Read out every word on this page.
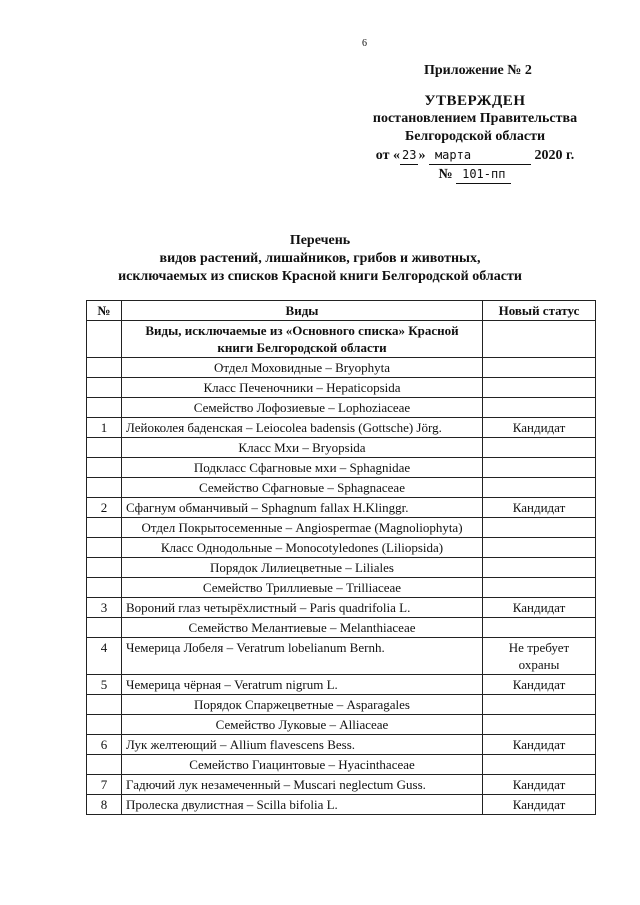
6
Приложение № 2
УТВЕРЖДЕН
постановлением Правительства
Белгородской области
от « 23 » марта	2020 г.
№ 101-пп
Перечень
видов растений, лишайников, грибов и животных,
исключаемых из списков Красной книги Белгородской области
№	Виды	Новый статус
	Виды, исключаемые из «Основного списка» Красной книги Белгородской области	
	Отдел Моховидные – Bryophyta	
	Класс Печеночники – Hepaticopsida	
	Семейство Лофозиевые – Lophoziaceae	
1	Лейоколея баденская – Leiocolea badensis (Gottsche) Jörg.	Кандидат
	Класс Мхи – Bryopsida	
	Подкласс Сфагновые мхи – Sphagnidae	
	Семейство Сфагновые – Sphagnaceae	
2	Сфагнум обманчивый – Sphagnum fallax H.Klinggr.	Кандидат
	Отдел Покрытосеменные – Angiospermae (Magnoliophyta)	
	Класс Однодольные – Monocotyledones (Liliopsida)	
	Порядок Лилиецветные – Liliales	
	Семейство Триллиевые – Trilliaceae	
3	Вороний глаз четырёхлистный – Paris quadrifolia L.	Кандидат
	Семейство Мелантиевые – Melanthiaceae	
4	Чемерица Лобеля – Veratrum lobelianum Bernh.	Не требует охраны
5	Чемерица чёрная – Veratrum nigrum L.	Кандидат
	Порядок Спаржецветные – Asparagales	
	Семейство Луковые – Alliaceae	
6	Лук желтеющий – Allium flavescens Bess.	Кандидат
	Семейство Гиацинтовые – Hyacinthaceae	
7	Гадючий лук незамеченный – Muscari neglectum Guss.	Кандидат
8	Пролеска двулистная – Scilla bifolia L.	Кандидат
